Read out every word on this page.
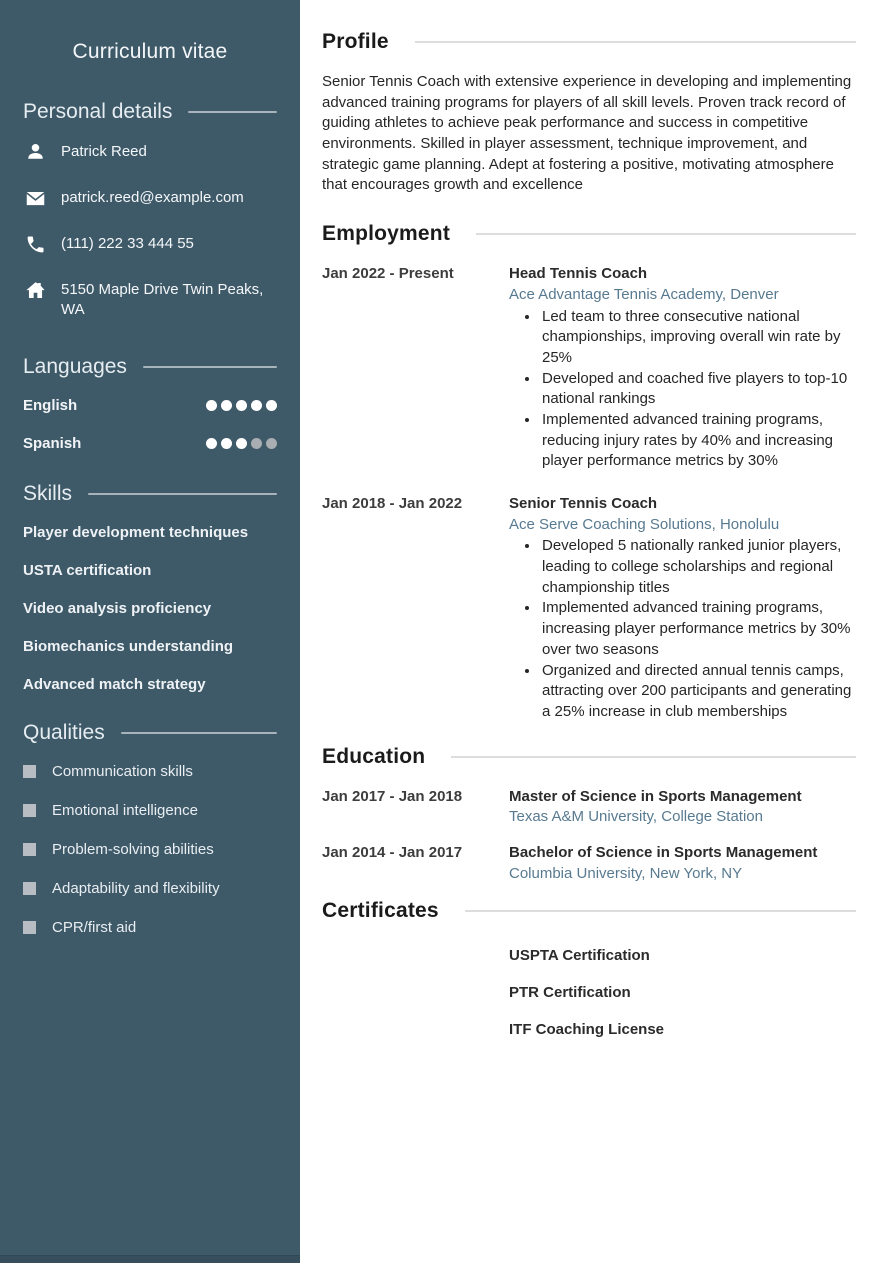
Curriculum vitae
Personal details
Patrick Reed
patrick.reed@example.com
(111) 222 33 444 55
5150 Maple Drive Twin Peaks, WA
Languages
English
Spanish
Skills
Player development techniques
USTA certification
Video analysis proficiency
Biomechanics understanding
Advanced match strategy
Qualities
Communication skills
Emotional intelligence
Problem-solving abilities
Adaptability and flexibility
CPR/first aid
Profile

Senior Tennis Coach with extensive experience in developing and implementing advanced training programs for players of all skill levels. Proven track record of guiding athletes to achieve peak performance and success in competitive environments. Skilled in player assessment, technique improvement, and strategic game planning. Adept at fostering a positive, motivating atmosphere that encourages growth and excellence

Employment
Jan 2022 - Present	Head Tennis Coach
Ace Advantage Tennis Academy, Denver
• Led team to three consecutive national championships, improving overall win rate by 25%
• Developed and coached five players to top-10 national rankings
• Implemented advanced training programs, reducing injury rates by 40% and increasing player performance metrics by 30%
Jan 2018 - Jan 2022	Senior Tennis Coach
Ace Serve Coaching Solutions, Honolulu
• Developed 5 nationally ranked junior players, leading to college scholarships and regional championship titles
• Implemented advanced training programs, increasing player performance metrics by 30% over two seasons
• Organized and directed annual tennis camps, attracting over 200 participants and generating a 25% increase in club memberships
Education
Jan 2017 - Jan 2018	Master of Science in Sports Management
Texas A&M University, College Station
Jan 2014 - Jan 2017	Bachelor of Science in Sports Management
Columbia University, New York, NY
Certificates
USPTA Certification
PTR Certification
ITF Coaching License
